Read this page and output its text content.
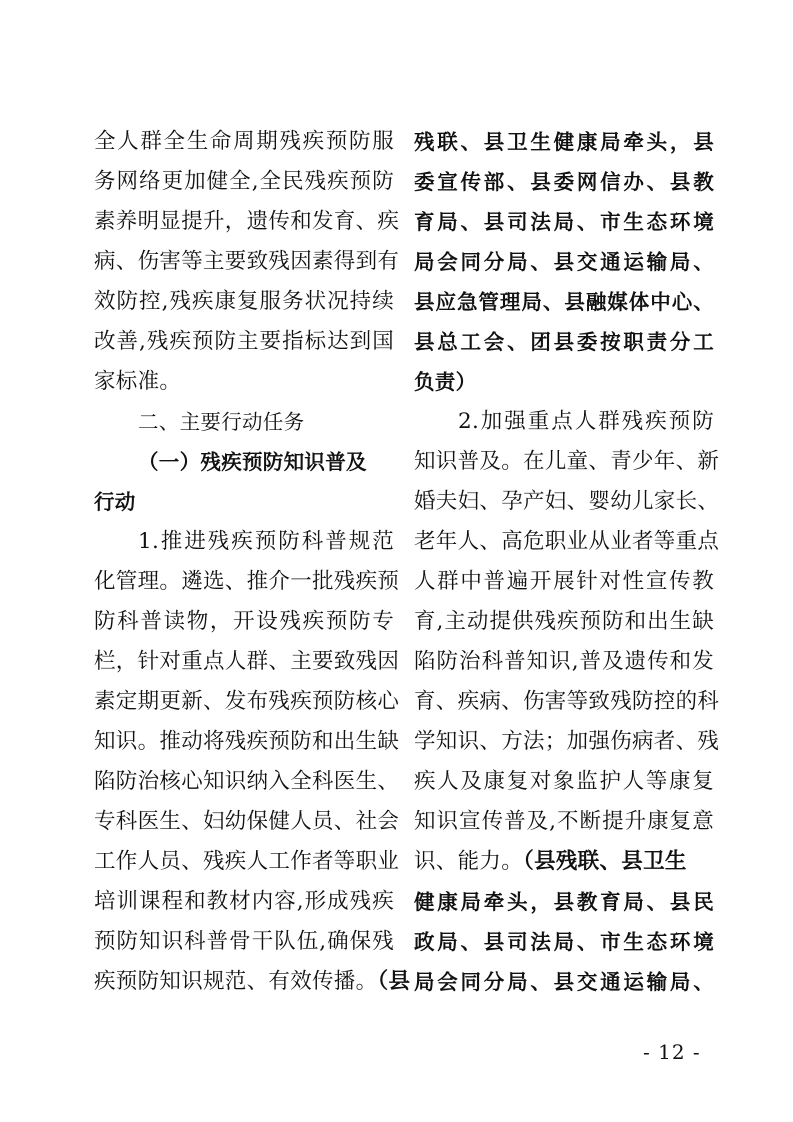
全人群全生命周期残疾预防服
务网络更加健全,全民残疾预防
素养明显提升，遗传和发育、疾
病、伤害等主要致残因素得到有
效防控,残疾康复服务状况持续
改善,残疾预防主要指标达到国
家标准。
二、主要行动任务
（一）残疾预防知识普及
行动
1.推进残疾预防科普规范
化管理。遴选、推介一批残疾预
防科普读物，开设残疾预防专
栏，针对重点人群、主要致残因
素定期更新、发布残疾预防核心
知识。推动将残疾预防和出生缺
陷防治核心知识纳入全科医生、
专科医生、妇幼保健人员、社会
工作人员、残疾人工作者等职业
培训课程和教材内容,形成残疾
预防知识科普骨干队伍,确保残
疾预防知识规范、有效传播。（县
残联、县卫生健康局牵头，县
委宣传部、县委网信办、县教
育局、县司法局、市生态环境
局会同分局、县交通运输局、
县应急管理局、县融媒体中心、
县总工会、团县委按职责分工
负责）
2.加强重点人群残疾预防
知识普及。在儿童、青少年、新
婚夫妇、孕产妇、婴幼儿家长、
老年人、高危职业从业者等重点
人群中普遍开展针对性宣传教
育,主动提供残疾预防和出生缺
陷防治科普知识,普及遗传和发
育、疾病、伤害等致残防控的科
学知识、方法；加强伤病者、残
疾人及康复对象监护人等康复
知识宣传普及,不断提升康复意
识、能力。（县残联、县卫生
健康局牵头，县教育局、县民
政局、县司法局、市生态环境
局会同分局、县交通运输局、
- 12 -
